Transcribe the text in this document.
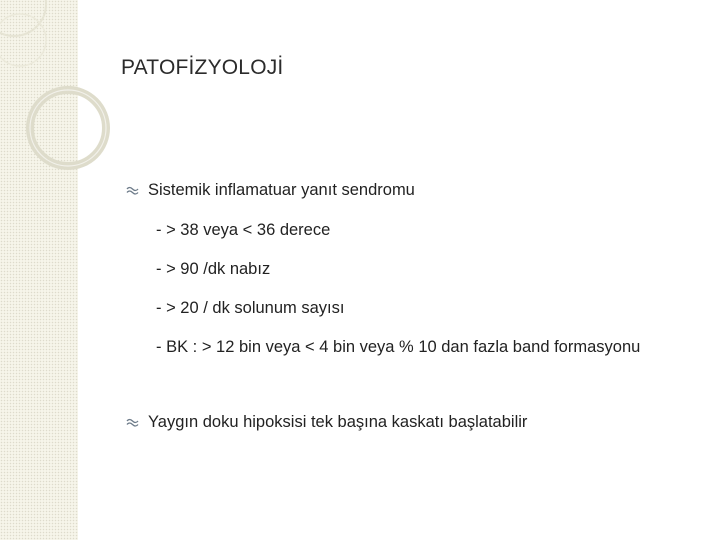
PATOFİZYOLOJİ
Sistemik inflamatuar yanıt sendromu
- > 38 veya < 36 derece
- > 90 /dk nabız
- > 20 / dk solunum sayısı
- BK : > 12 bin veya < 4 bin veya % 10 dan fazla band formasyonu
Yaygın doku hipoksisi tek başına kaskatı başlatabilir
